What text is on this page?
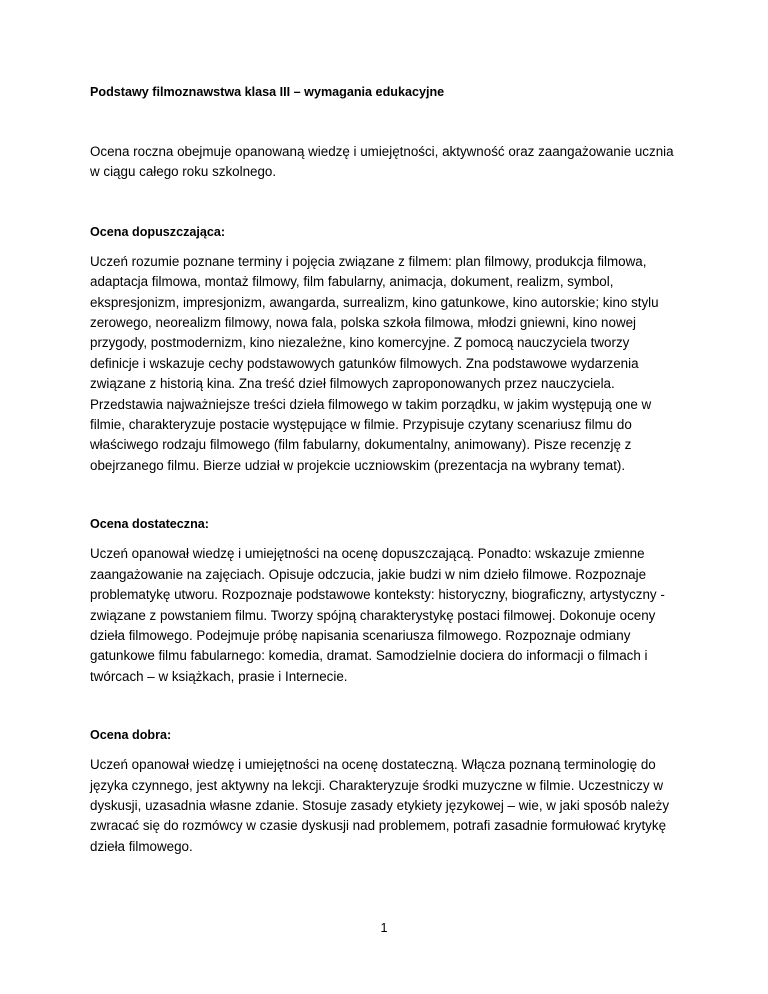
Podstawy filmoznawstwa klasa III – wymagania edukacyjne

Ocena roczna obejmuje opanowaną wiedzę i umiejętności, aktywność oraz zaangażowanie ucznia w ciągu całego roku szkolnego.

Ocena dopuszczająca:

Uczeń rozumie poznane terminy i pojęcia związane z filmem: plan filmowy, produkcja filmowa, adaptacja filmowa, montaż filmowy, film fabularny, animacja, dokument, realizm, symbol, ekspresjonizm, impresjonizm, awangarda, surrealizm, kino gatunkowe, kino autorskie; kino stylu zerowego, neorealizm filmowy, nowa fala, polska szkoła filmowa, młodzi gniewni, kino nowej przygody, postmodernizm, kino niezależne, kino komercyjne. Z pomocą nauczyciela tworzy definicje i wskazuje cechy podstawowych gatunków filmowych. Zna podstawowe wydarzenia związane z historią kina. Zna treść dzieł filmowych zaproponowanych przez nauczyciela. Przedstawia najważniejsze treści dzieła filmowego w takim porządku, w jakim występują one w filmie, charakteryzuje postacie występujące w filmie. Przypisuje czytany scenariusz filmu do właściwego rodzaju filmowego (film fabularny, dokumentalny, animowany). Pisze recenzję z obejrzanego filmu. Bierze udział w projekcie uczniowskim (prezentacja na wybrany temat).

Ocena dostateczna:

Uczeń opanował wiedzę i umiejętności na ocenę dopuszczającą. Ponadto: wskazuje zmienne zaangażowanie na zajęciach. Opisuje odczucia, jakie budzi w nim dzieło filmowe. Rozpoznaje problematykę utworu. Rozpoznaje podstawowe konteksty: historyczny, biograficzny, artystyczny - związane z powstaniem filmu. Tworzy spójną charakterystykę postaci filmowej. Dokonuje oceny dzieła filmowego. Podejmuje próbę napisania scenariusza filmowego. Rozpoznaje odmiany gatunkowe filmu fabularnego: komedia, dramat. Samodzielnie dociera do informacji o filmach i twórcach – w książkach, prasie i Internecie.

Ocena dobra:

Uczeń opanował wiedzę i umiejętności na ocenę dostateczną. Włącza poznaną terminologię do języka czynnego, jest aktywny na lekcji. Charakteryzuje środki muzyczne w filmie. Uczestniczy w dyskusji, uzasadnia własne zdanie. Stosuje zasady etykiety językowej – wie, w jaki sposób należy zwracać się do rozmówcy w czasie dyskusji nad problemem, potrafi zasadnie formułować krytykę dzieła filmowego.

1
